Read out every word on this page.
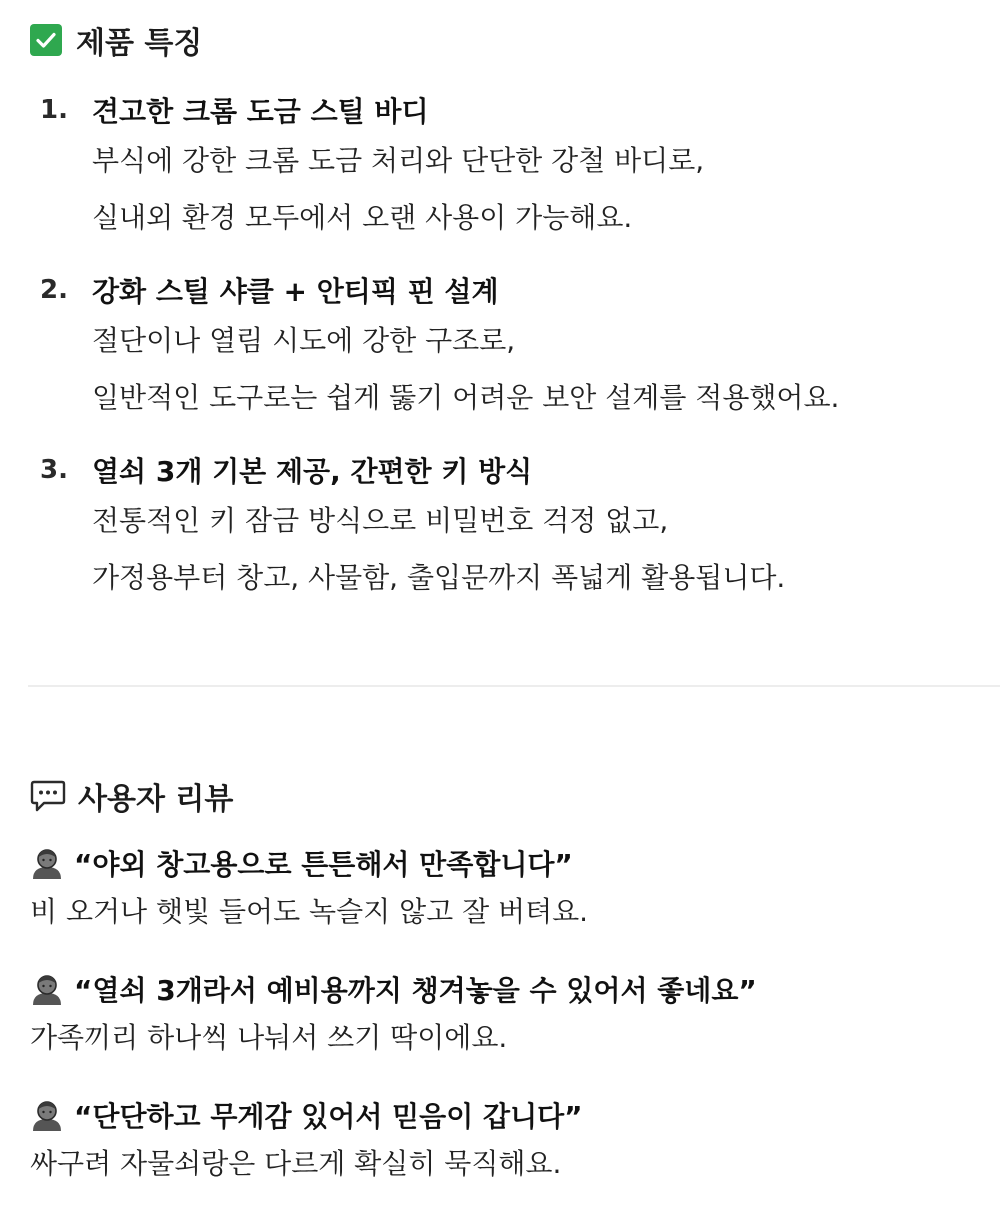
제품 특징
1. 견고한 크롬 도금 스틸 바디
부식에 강한 크롬 도금 처리와 단단한 강철 바디로,
실내외 환경 모두에서 오랜 사용이 가능해요.
2. 강화 스틸 샤클 + 안티픽 핀 설계
절단이나 열림 시도에 강한 구조로,
일반적인 도구로는 쉽게 뚫기 어려운 보안 설계를 적용했어요.
3. 열쇠 3개 기본 제공, 간편한 키 방식
전통적인 키 잠금 방식으로 비밀번호 걱정 없고,
가정용부터 창고, 사물함, 출입문까지 폭넓게 활용됩니다.
사용자 리뷰
“야외 창고용으로 튼튼해서 만족합니다”
비 오거나 햇빛 들어도 녹슬지 않고 잘 버텨요.
“열쇠 3개라서 예비용까지 챙겨놓을 수 있어서 좋네요”
가족끼리 하나씩 나눠서 쓰기 딱이에요.
“단단하고 무게감 있어서 믿음이 갑니다”
싸구려 자물쇠랑은 다르게 확실히 묵직해요.
